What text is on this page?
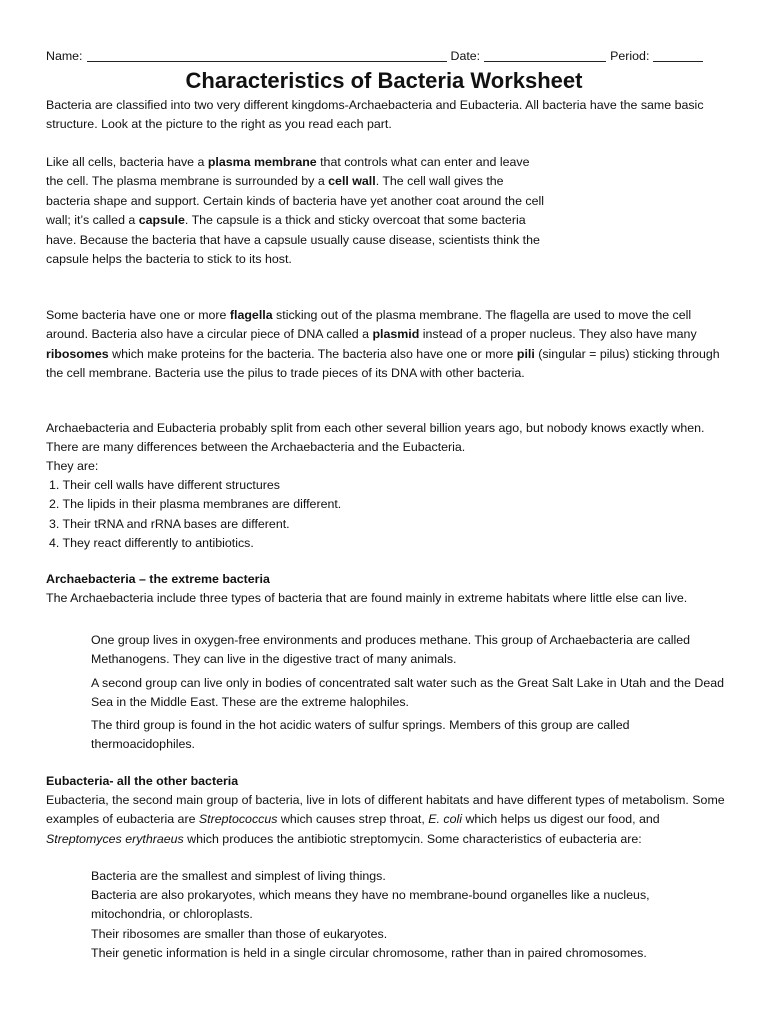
Name:	Date:	Period:
Characteristics of Bacteria Worksheet

Bacteria are classified into two very different kingdoms-Archaebacteria and Eubacteria. All bacteria have the same basic structure. Look at the picture to the right as you read each part.

Like all cells, bacteria have a plasma membrane that controls what can enter and leave the cell. The plasma membrane is surrounded by a cell wall. The cell wall gives the bacteria shape and support. Certain kinds of bacteria have yet another coat around the cell wall; it’s called a capsule. The capsule is a thick and sticky overcoat that some bacteria have. Because the bacteria that have a capsule usually cause disease, scientists think the capsule helps the bacteria to stick to its host.

Some bacteria have one or more flagella sticking out of the plasma membrane. The flagella are used to move the cell around. Bacteria also have a circular piece of DNA called a plasmid instead of a proper nucleus. They also have many ribosomes which make proteins for the bacteria. The bacteria also have one or more pili (singular = pilus) sticking through the cell membrane. Bacteria use the pilus to trade pieces of its DNA with other bacteria.

Archaebacteria and Eubacteria probably split from each other several billion years ago, but nobody knows exactly when. There are many differences between the Archaebacteria and the Eubacteria.

They are:

1. Their cell walls have different structures
2. The lipids in their plasma membranes are different.
3. Their tRNA and rRNA bases are different.
4. They react differently to antibiotics.
Archaebacteria – the extreme bacteria

The Archaebacteria include three types of bacteria that are found mainly in extreme habitats where little else can live.

One group lives in oxygen-free environments and produces methane. This group of Archaebacteria are called Methanogens. They can live in the digestive tract of many animals.

A second group can live only in bodies of concentrated salt water such as the Great Salt Lake in Utah and the Dead Sea in the Middle East. These are the extreme halophiles.

The third group is found in the hot acidic waters of sulfur springs. Members of this group are called thermoacidophiles.

Eubacteria- all the other bacteria

Eubacteria, the second main group of bacteria, live in lots of different habitats and have different types of metabolism. Some examples of eubacteria are Streptococcus which causes strep throat, E. coli which helps us digest our food, and Streptomyces erythraeus which produces the antibiotic streptomycin. Some characteristics of eubacteria are:

Bacteria are the smallest and simplest of living things.

Bacteria are also prokaryotes, which means they have no membrane-bound organelles like a nucleus, mitochondria, or chloroplasts.

Their ribosomes are smaller than those of eukaryotes.

Their genetic information is held in a single circular chromosome, rather than in paired chromosomes.
